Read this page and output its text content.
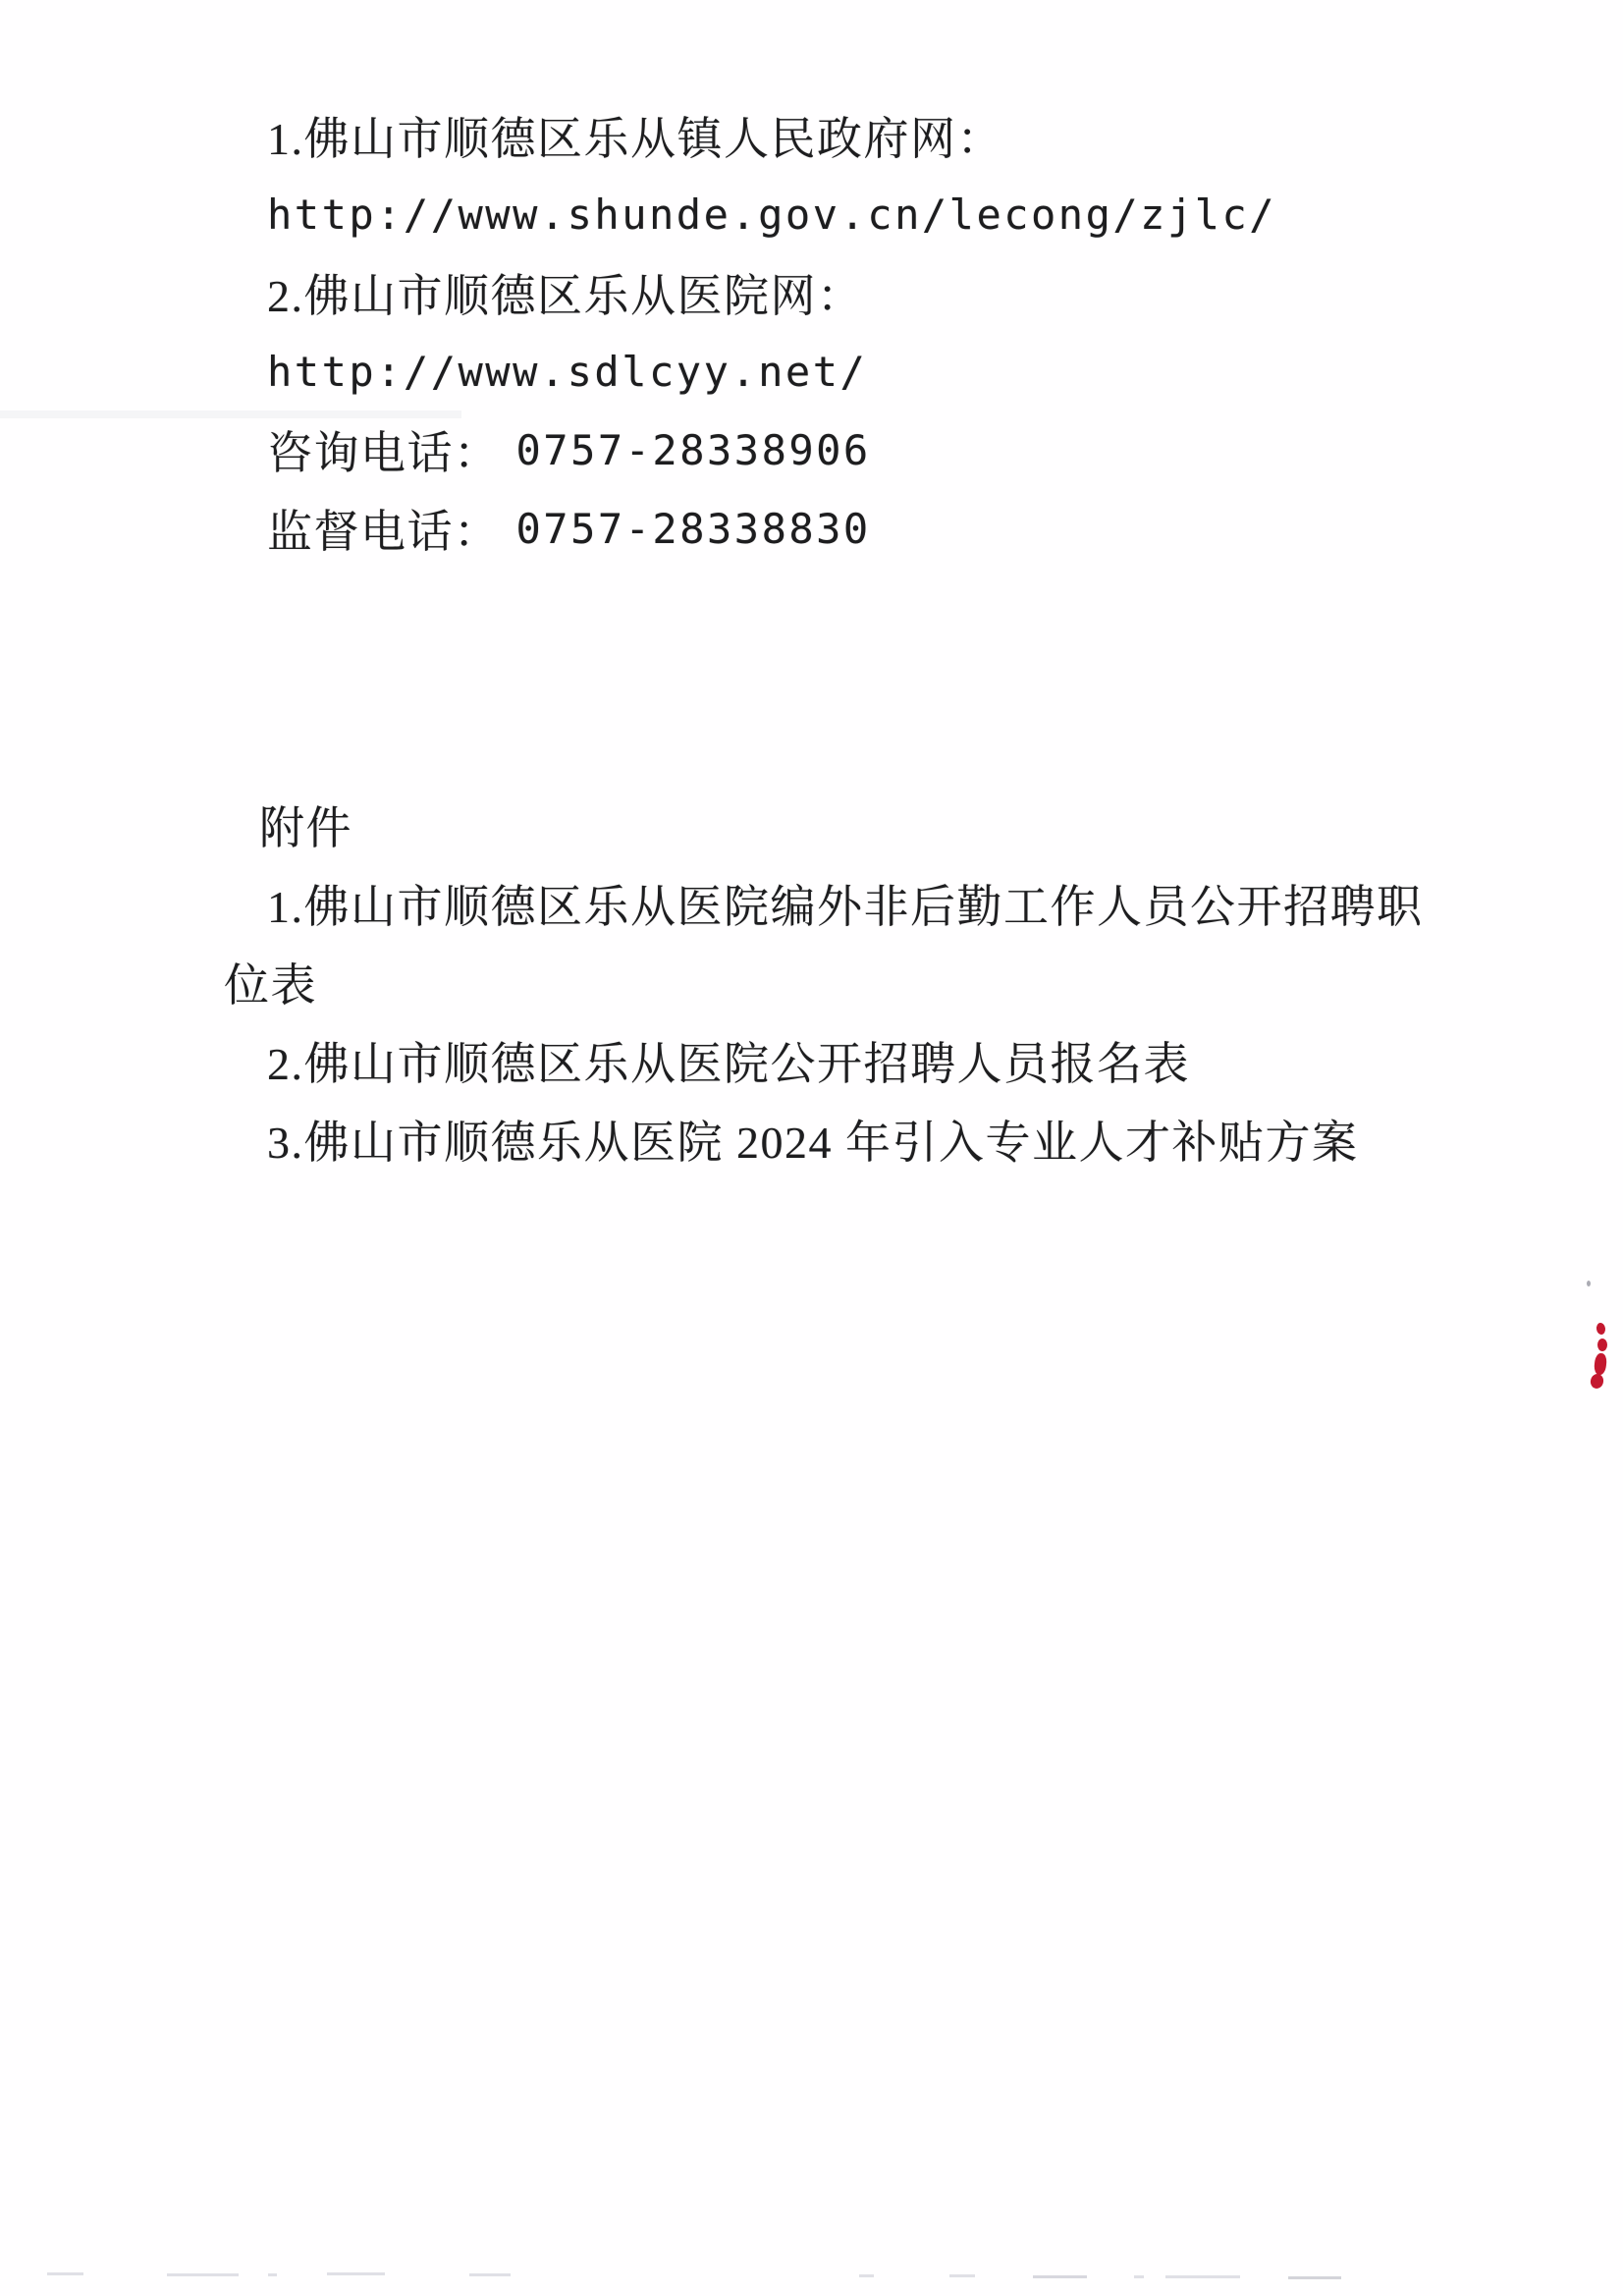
1.佛山市顺德区乐从镇人民政府网：

http://www.shunde.gov.cn/lecong/zjlc/

2.佛山市顺德区乐从医院网：

http://www.sdlcyy.net/

咨询电话： 0757-28338906

监督电话： 0757-28338830

附件

1.佛山市顺德区乐从医院编外非后勤工作人员公开招聘职

位表

2.佛山市顺德区乐从医院公开招聘人员报名表

3.佛山市顺德乐从医院 2024 年引入专业人才补贴方案
